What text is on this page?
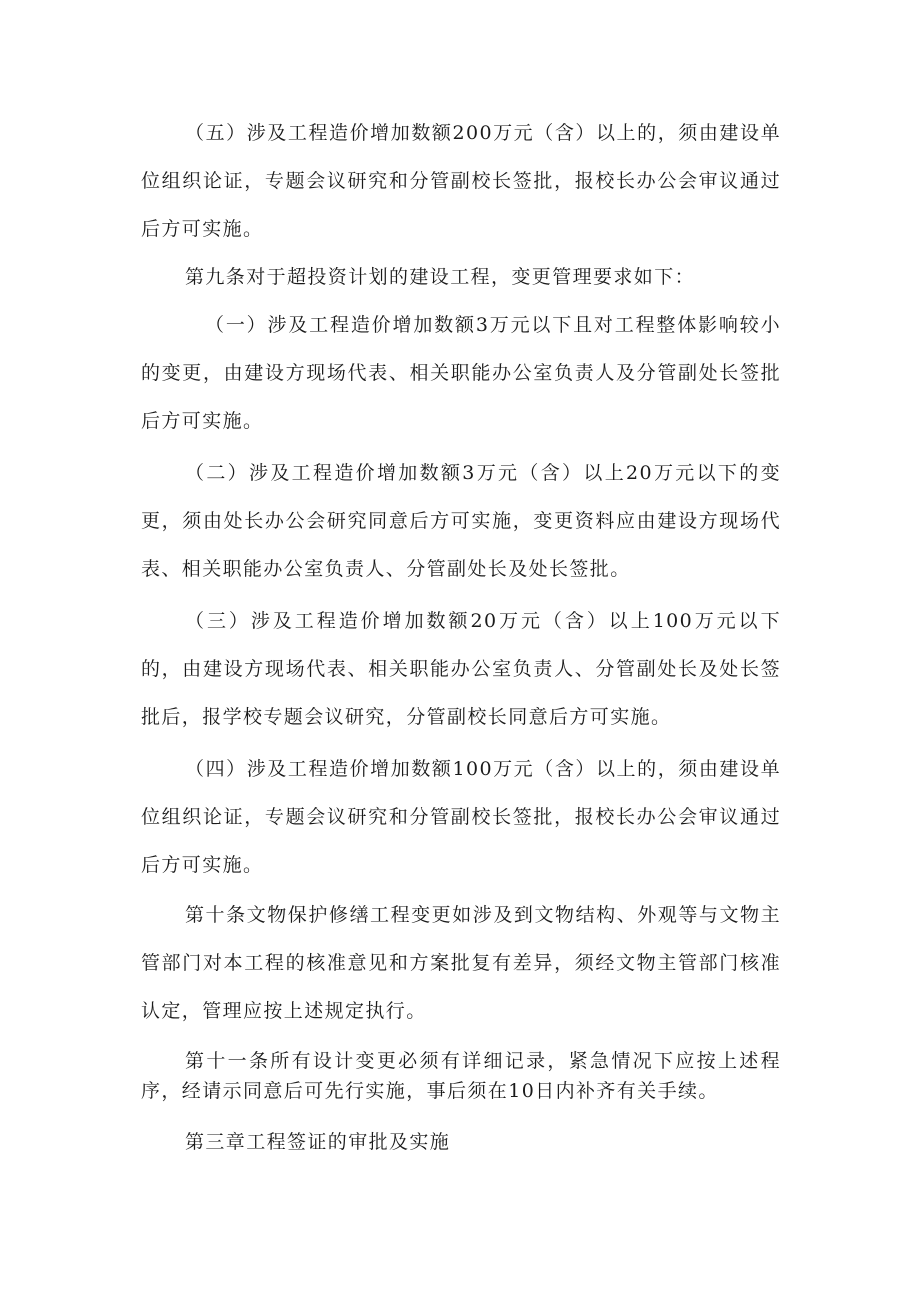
（五）涉及工程造价增加数额200万元（含）以上的，须由建设单位组织论证，专题会议研究和分管副校长签批，报校长办公会审议通过后方可实施。

第九条对于超投资计划的建设工程，变更管理要求如下：

（一）涉及工程造价增加数额3万元以下且对工程整体影响较小的变更，由建设方现场代表、相关职能办公室负责人及分管副处长签批后方可实施。

（二）涉及工程造价增加数额3万元（含）以上20万元以下的变更，须由处长办公会研究同意后方可实施，变更资料应由建设方现场代表、相关职能办公室负责人、分管副处长及处长签批。

（三）涉及工程造价增加数额20万元（含）以上100万元以下的，由建设方现场代表、相关职能办公室负责人、分管副处长及处长签批后，报学校专题会议研究，分管副校长同意后方可实施。

（四）涉及工程造价增加数额100万元（含）以上的，须由建设单位组织论证，专题会议研究和分管副校长签批，报校长办公会审议通过后方可实施。

第十条文物保护修缮工程变更如涉及到文物结构、外观等与文物主管部门对本工程的核准意见和方案批复有差异，须经文物主管部门核准认定，管理应按上述规定执行。

第十一条所有设计变更必须有详细记录，紧急情况下应按上述程序，经请示同意后可先行实施，事后须在10日内补齐有关手续。

第三章工程签证的审批及实施
